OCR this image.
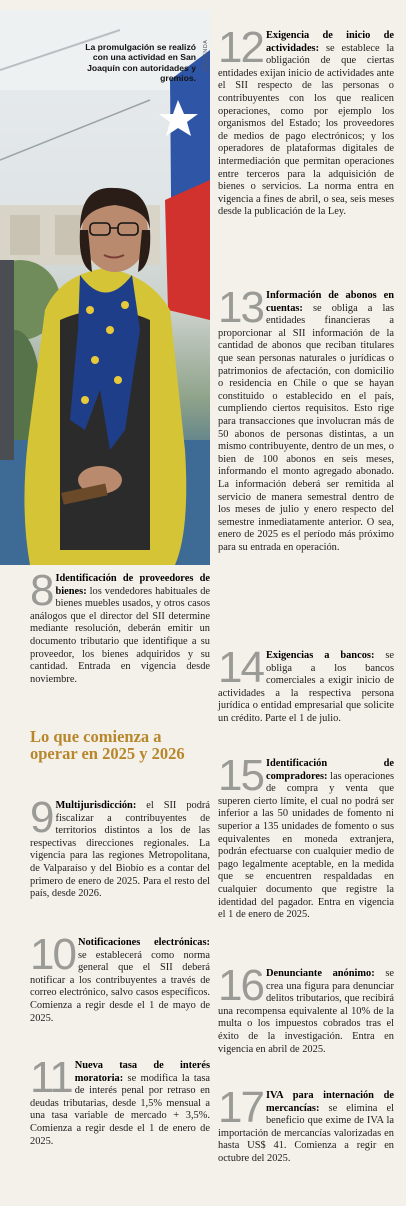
La promulgación se realizó con una actividad en San Joaquín con autoridades y gremios.
HACIENDA
8 Identificación de proveedores de bienes: los vendedores habituales de bienes muebles usados, y otros casos análogos que el director del SII determine mediante resolución, deberán emitir un documento tributario que identifique a su proveedor, los bienes adquiridos y su cantidad. Entrada en vigencia desde noviembre.
Lo que comienza a operar en 2025 y 2026
9 Multijurisdicción: el SII podrá fiscalizar a contribuyentes de territorios distintos a los de las respectivas direcciones regionales. La vigencia para las regiones Metropolitana, de Valparaíso y del Biobío es a contar del primero de enero de 2025. Para el resto del país, desde 2026.
10 Notificaciones electrónicas: se establecerá como norma general que el SII deberá notificar a los contribuyentes a través de correo electrónico, salvo casos específicos. Comienza a regir desde el 1 de mayo de 2025.
11 Nueva tasa de interés moratoria: se modifica la tasa de interés penal por retraso en deudas tributarias, desde 1,5% mensual a una tasa variable de mercado + 3,5%. Comienza a regir desde el 1 de enero de 2025.
12 Exigencia de inicio de actividades: se establece la obligación de que ciertas entidades exijan inicio de actividades ante el SII respecto de las personas o contribuyentes con los que realicen operaciones, como por ejemplo los organismos del Estado; los proveedores de medios de pago electrónicos; y los operadores de plataformas digitales de intermediación que permitan operaciones entre terceros para la adquisición de bienes o servicios. La norma entra en vigencia a fines de abril, o sea, seis meses desde la publicación de la Ley.
13 Información de abonos en cuentas: se obliga a las entidades financieras a proporcionar al SII información de la cantidad de abonos que reciban titulares que sean personas naturales o jurídicas o patrimonios de afectación, con domicilio o residencia en Chile o que se hayan constituido o establecido en el país, cumpliendo ciertos requisitos. Esto rige para transacciones que involucran más de 50 abonos de personas distintas, a un mismo contribuyente, dentro de un mes, o bien de 100 abonos en seis meses, informando el monto agregado abonado. La información deberá ser remitida al servicio de manera semestral dentro de los meses de julio y enero respecto del semestre inmediatamente anterior. O sea, enero de 2025 es el período más próximo para su entrada en operación.
14 Exigencias a bancos: se obliga a los bancos comerciales a exigir inicio de actividades a la respectiva persona jurídica o entidad empresarial que solicite un crédito. Parte el 1 de julio.
15 Identificación de compradores: las operaciones de compra y venta que superen cierto límite, el cual no podrá ser inferior a las 50 unidades de fomento ni superior a 135 unidades de fomento o sus equivalentes en moneda extranjera, podrán efectuarse con cualquier medio de pago legalmente aceptable, en la medida que se encuentren respaldadas en cualquier documento que registre la identidad del pagador. Entra en vigencia el 1 de enero de 2025.
16 Denunciante anónimo: se crea una figura para denunciar delitos tributarios, que recibirá una recompensa equivalente al 10% de la multa o los impuestos cobrados tras el éxito de la investigación. Entra en vigencia en abril de 2025.
17 IVA para internación de mercancías: se elimina el beneficio que exime de IVA la importación de mercancías valorizadas en hasta US$ 41. Comienza a regir en octubre del 2025.
